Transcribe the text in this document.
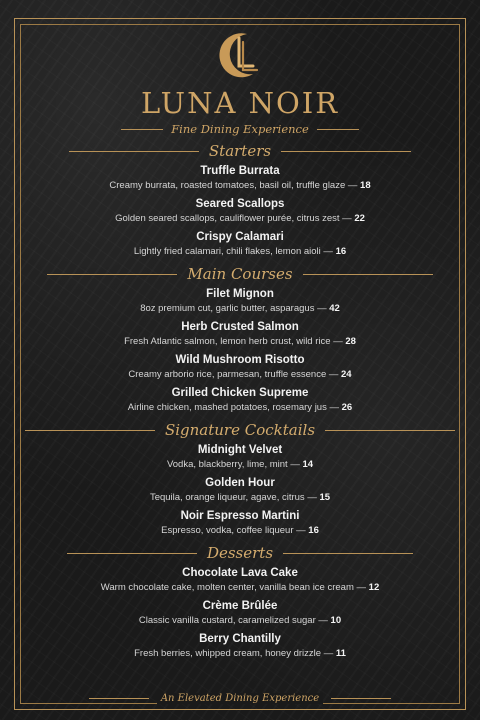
LUNA NOIR
Fine Dining Experience
Starters
Truffle Burrata
Creamy burrata, roasted tomatoes, basil oil, truffle glaze — 18
Seared Scallops
Golden seared scallops, cauliflower purée, citrus zest — 22
Crispy Calamari
Lightly fried calamari, chili flakes, lemon aioli — 16
Main Courses
Filet Mignon
8oz premium cut, garlic butter, asparagus — 42
Herb Crusted Salmon
Fresh Atlantic salmon, lemon herb crust, wild rice — 28
Wild Mushroom Risotto
Creamy arborio rice, parmesan, truffle essence — 24
Grilled Chicken Supreme
Airline chicken, mashed potatoes, rosemary jus — 26
Signature Cocktails
Midnight Velvet
Vodka, blackberry, lime, mint — 14
Golden Hour
Tequila, orange liqueur, agave, citrus — 15
Noir Espresso Martini
Espresso, vodka, coffee liqueur — 16
Desserts
Chocolate Lava Cake
Warm chocolate cake, molten center, vanilla bean ice cream — 12
Crème Brûlée
Classic vanilla custard, caramelized sugar — 10
Berry Chantilly
Fresh berries, whipped cream, honey drizzle — 11
An Elevated Dining Experience
